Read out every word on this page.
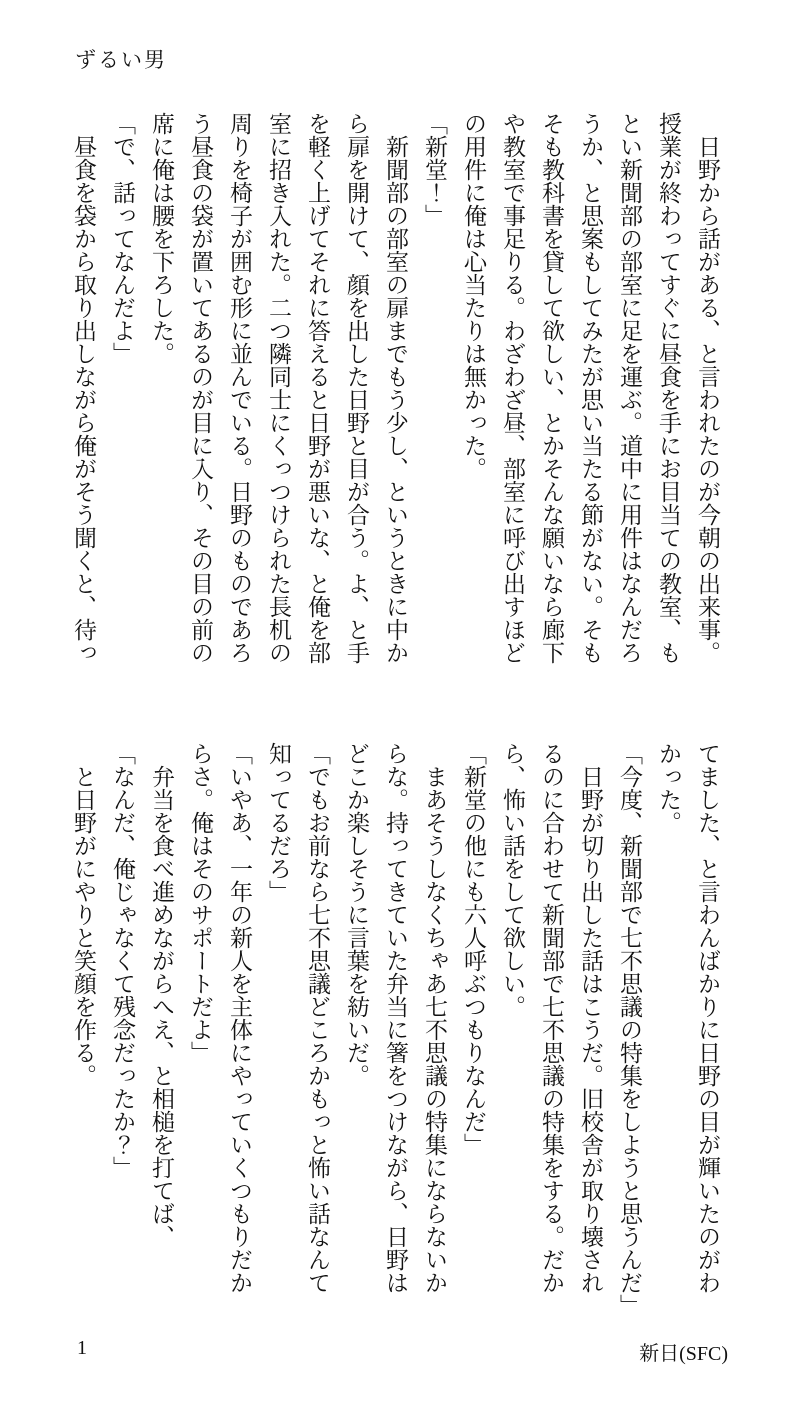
ずるい男
日野から話がある、と言われたのが今朝の出来事。
授業が終わってすぐに昼食を手にお目当ての教室、も
とい新聞部の部室に足を運ぶ。道中に用件はなんだろ
うか、と思案もしてみたが思い当たる節がない。そも
そも教科書を貸して欲しい、とかそんな願いなら廊下
や教室で事足りる。わざわざ昼、部室に呼び出すほど
の用件に俺は心当たりは無かった。
「新堂！」
新聞部の部室の扉までもう少し、というときに中か
ら扉を開けて、顔を出した日野と目が合う。よ、と手
を軽く上げてそれに答えると日野が悪いな、と俺を部
室に招き入れた。二つ隣同士にくっつけられた長机の
周りを椅子が囲む形に並んでいる。日野のものであろ
う昼食の袋が置いてあるのが目に入り、その目の前の
席に俺は腰を下ろした。
「で、話ってなんだよ」
昼食を袋から取り出しながら俺がそう聞くと、待っ
てました、と言わんばかりに日野の目が輝いたのがわ
かった。
「今度、新聞部で七不思議の特集をしようと思うんだ」
日野が切り出した話はこうだ。旧校舎が取り壊され
るのに合わせて新聞部で七不思議の特集をする。だか
ら、怖い話をして欲しい。
「新堂の他にも六人呼ぶつもりなんだ」
まあそうしなくちゃあ七不思議の特集にならないか
らな。持ってきていた弁当に箸をつけながら、日野は
どこか楽しそうに言葉を紡いだ。
「でもお前なら七不思議どころかもっと怖い話なんて
知ってるだろ」
「いやあ、一年の新人を主体にやっていくつもりだか
らさ。俺はそのサポートだよ」
弁当を食べ進めながらへえ、と相槌を打てば、
「なんだ、俺じゃなくて残念だったか？」
と日野がにやりと笑顔を作る。
1	新日(SFC)
